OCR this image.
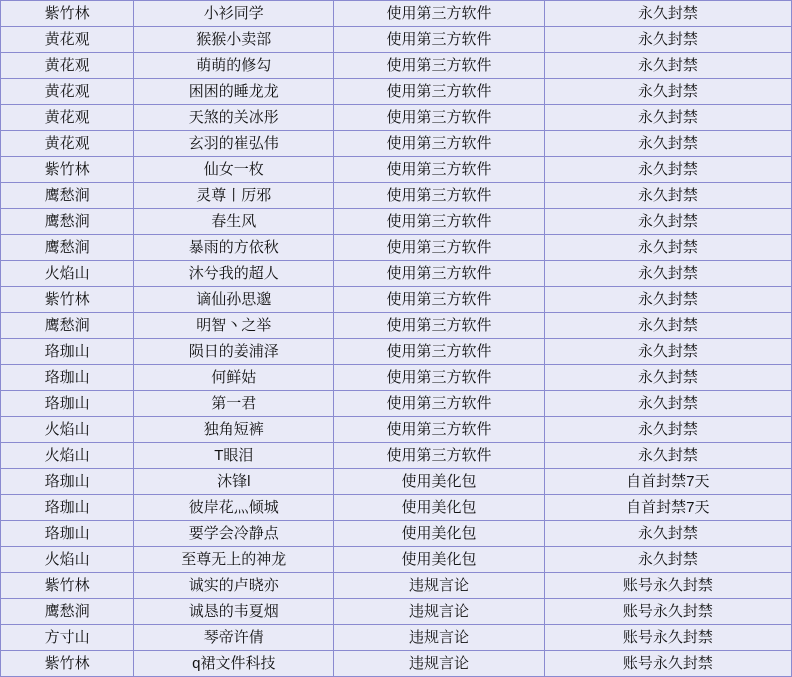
紫竹林	小衫同学	使用第三方软件	永久封禁
黄花观	猴猴小卖部	使用第三方软件	永久封禁
黄花观	萌萌的修勾	使用第三方软件	永久封禁
黄花观	困困的睡龙龙	使用第三方软件	永久封禁
黄花观	天煞的关冰彤	使用第三方软件	永久封禁
黄花观	玄羽的崔弘伟	使用第三方软件	永久封禁
紫竹林	仙女一枚	使用第三方软件	永久封禁
鹰愁涧	灵尊丨厉邪	使用第三方软件	永久封禁
鹰愁涧	春生风	使用第三方软件	永久封禁
鹰愁涧	暴雨的方依秋	使用第三方软件	永久封禁
火焰山	沐兮我的超人	使用第三方软件	永久封禁
紫竹林	谪仙孙思邈	使用第三方软件	永久封禁
鹰愁涧	明智丶之举	使用第三方软件	永久封禁
珞珈山	陨日的姜浦泽	使用第三方软件	永久封禁
珞珈山	何鲜姑	使用第三方软件	永久封禁
珞珈山	第一君	使用第三方软件	永久封禁
火焰山	独角短裤	使用第三方软件	永久封禁
火焰山	T眼泪	使用第三方软件	永久封禁
珞珈山	沐锋l	使用美化包	自首封禁7天
珞珈山	彼岸花灬倾城	使用美化包	自首封禁7天
珞珈山	要学会冷静点	使用美化包	永久封禁
火焰山	至尊无上的神龙	使用美化包	永久封禁
紫竹林	诚实的卢晓亦	违规言论	账号永久封禁
鹰愁涧	诚恳的韦夏烟	违规言论	账号永久封禁
方寸山	琴帝许倩	违规言论	账号永久封禁
紫竹林	q裙文件科技	违规言论	账号永久封禁
